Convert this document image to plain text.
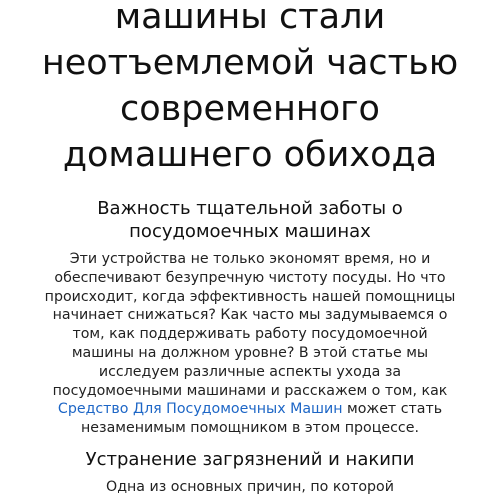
машины стали
неотъемлемой частью
современного
домашнего обихода
Важность тщательной заботы о
посудомоечных машинах

Эти устройства не только экономят время, но и
обеспечивают безупречную чистоту посуды. Но что
происходит, когда эффективность нашей помощницы
начинает снижаться? Как часто мы задумываемся о
том, как поддерживать работу посудомоечной
машины на должном уровне? В этой статье мы
исследуем различные аспекты ухода за
посудомоечными машинами и расскажем о том, как
Средство Для Посудомоечных Машин может стать
незаменимым помощником в этом процессе.

Устранение загрязнений и накипи

Одна из основных причин, по которой
